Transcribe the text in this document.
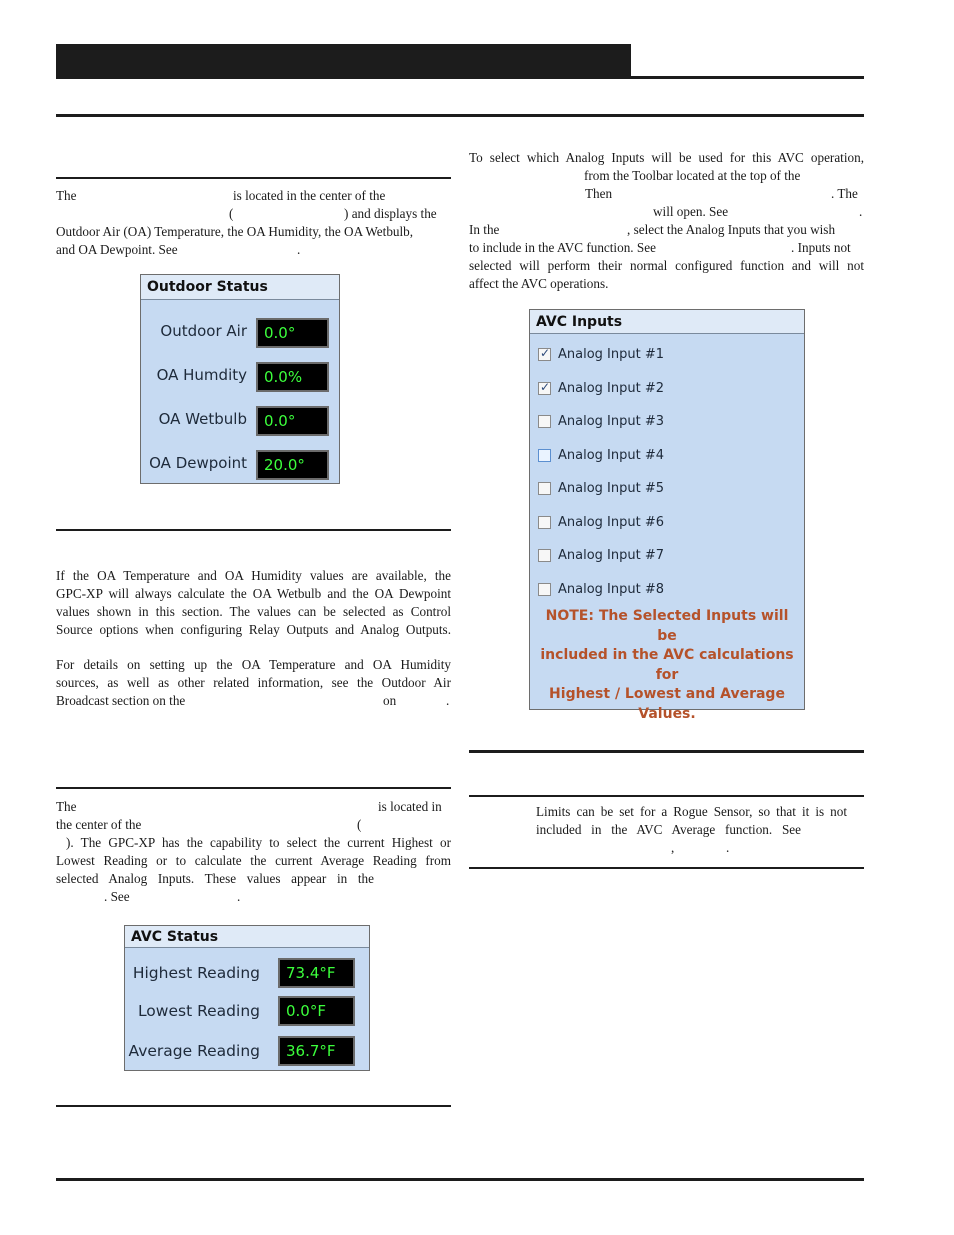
The	is located in the center of the
(	) and displays the
Outdoor Air (OA) Temperature, the OA Humidity, the OA Wetbulb,
and OA Dewpoint. See	.
Outdoor Status
Outdoor Air	0.0°
OA Humdity	0.0%
OA Wetbulb	0.0°
OA Dewpoint	20.0°
If the OA Temperature and OA Humidity values are available, the
GPC-XP will always calculate the OA Wetbulb and the OA Dewpoint
values shown in this section. The values can be selected as Control
Source options when configuring Relay Outputs and Analog Outputs.
For details on setting up the OA Temperature and OA Humidity
sources, as well as other related information, see the Outdoor Air
Broadcast section on the	on	.
The	is located in
the center of the	(
). The GPC-XP has the capability to select the current Highest or
Lowest Reading or to calculate the current Average Reading from
selected Analog Inputs. These values appear in the
. See	.
AVC Status
Highest Reading	73.4°F
Lowest Reading	0.0°F
Average Reading	36.7°F
To select which Analog Inputs will be used for this AVC operation,
from the Toolbar located at the top of the
Then	. The
will open. See	.
In the	, select the Analog Inputs that you wish
to include in the AVC function. See	. Inputs not
selected will perform their normal configured function and will not
affect the AVC operations.
AVC Inputs
✓
Analog Input #1
✓
Analog Input #2
Analog Input #3
Analog Input #4
Analog Input #5
Analog Input #6
Analog Input #7
Analog Input #8
NOTE: The Selected Inputs will be
included in the AVC calculations for
Highest / Lowest and Average
Values.
Limits can be set for a Rogue Sensor, so that it is not
included in the AVC Average function. See
,	.
